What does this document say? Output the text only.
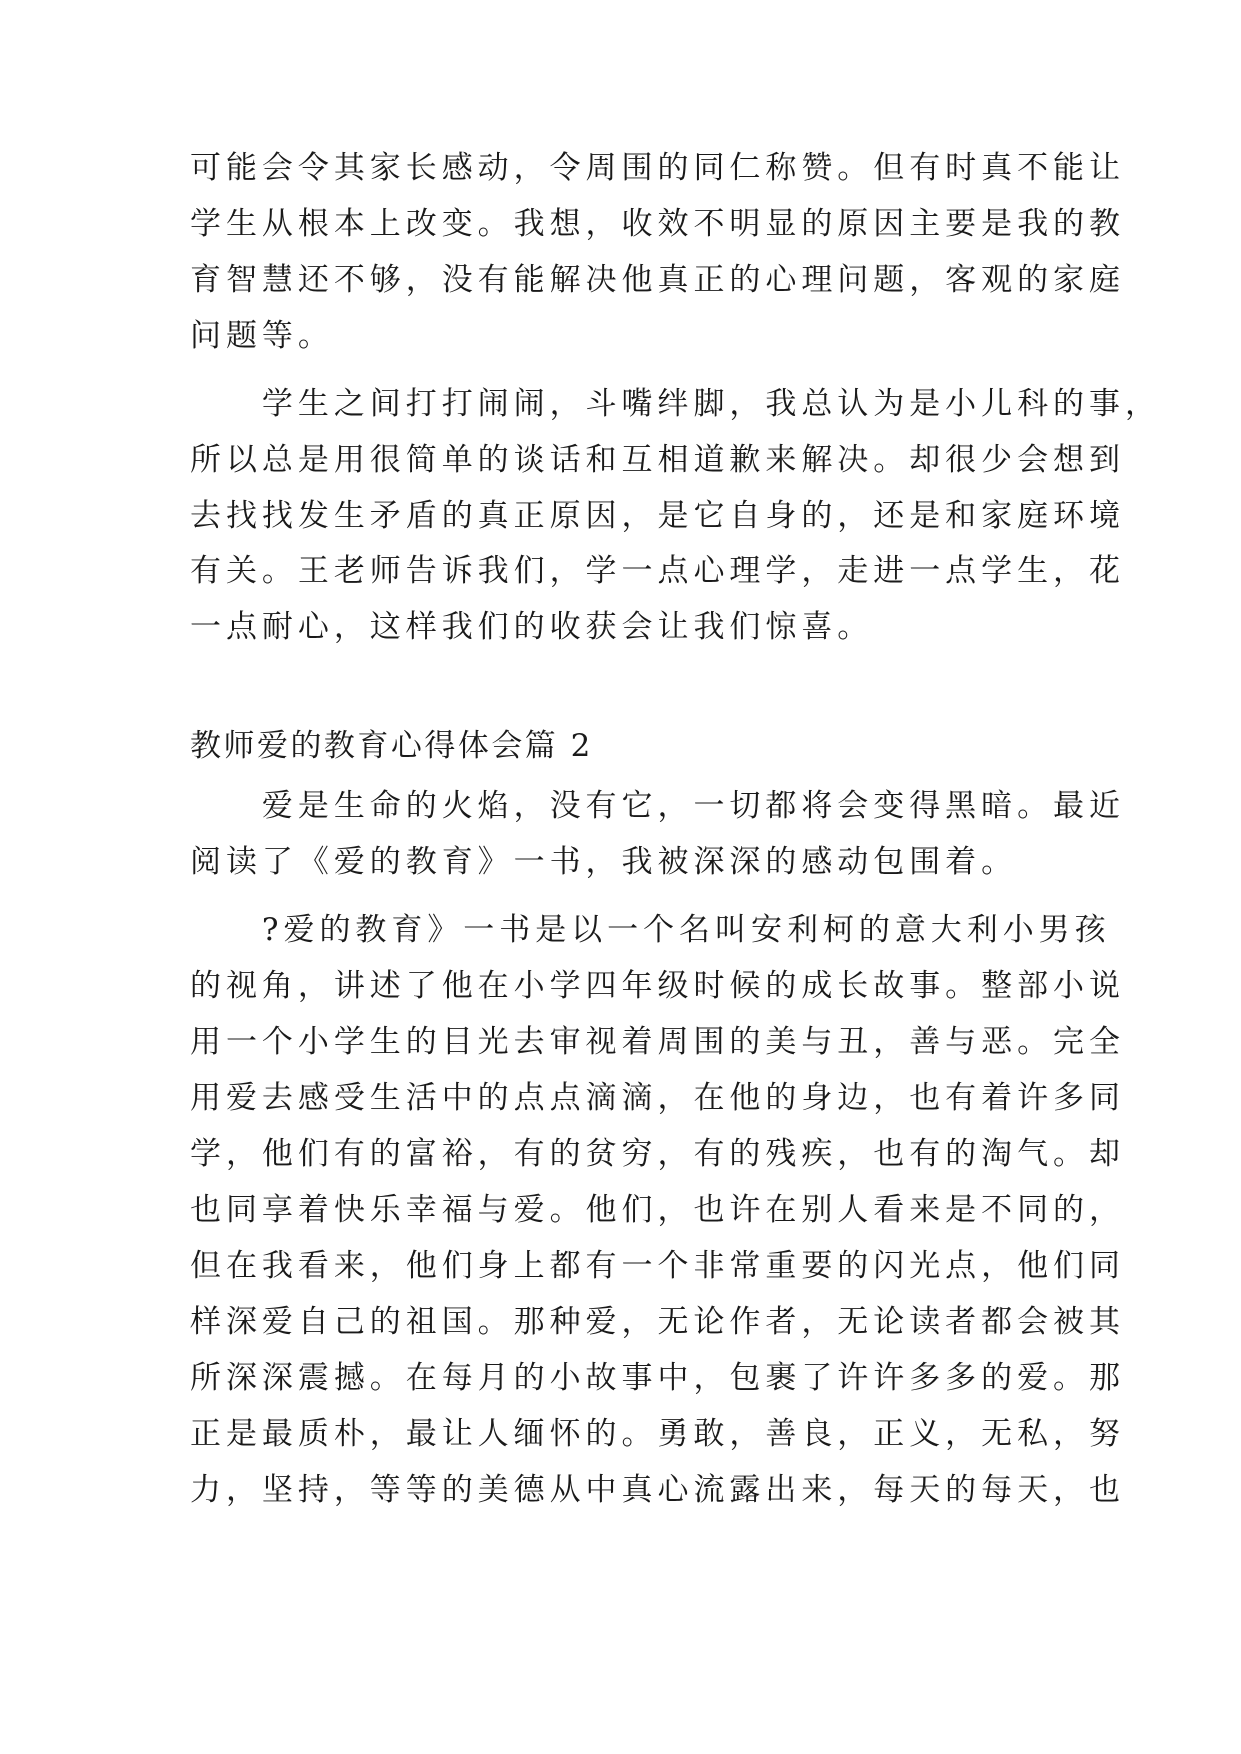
可能会令其家长感动，令周围的同仁称赞。但有时真不能让
学生从根本上改变。我想，收效不明显的原因主要是我的教
育智慧还不够，没有能解决他真正的心理问题，客观的家庭
问题等。
　　学生之间打打闹闹，斗嘴绊脚，我总认为是小儿科的事，
所以总是用很简单的谈话和互相道歉来解决。却很少会想到
去找找发生矛盾的真正原因，是它自身的，还是和家庭环境
有关。王老师告诉我们，学一点心理学，走进一点学生，花
一点耐心，这样我们的收获会让我们惊喜。
教师爱的教育心得体会篇 2
　　爱是生命的火焰，没有它，一切都将会变得黑暗。最近
阅读了《爱的教育》一书，我被深深的感动包围着。
　　?爱的教育》一书是以一个名叫安利柯的意大利小男孩
的视角，讲述了他在小学四年级时候的成长故事。整部小说
用一个小学生的目光去审视着周围的美与丑，善与恶。完全
用爱去感受生活中的点点滴滴，在他的身边，也有着许多同
学，他们有的富裕，有的贫穷，有的残疾，也有的淘气。却
也同享着快乐幸福与爱。他们，也许在别人看来是不同的，
但在我看来，他们身上都有一个非常重要的闪光点，他们同
样深爱自己的祖国。那种爱，无论作者，无论读者都会被其
所深深震撼。在每月的小故事中，包裹了许许多多的爱。那
正是最质朴，最让人缅怀的。勇敢，善良，正义，无私，努
力，坚持，等等的美德从中真心流露出来，每天的每天，也
